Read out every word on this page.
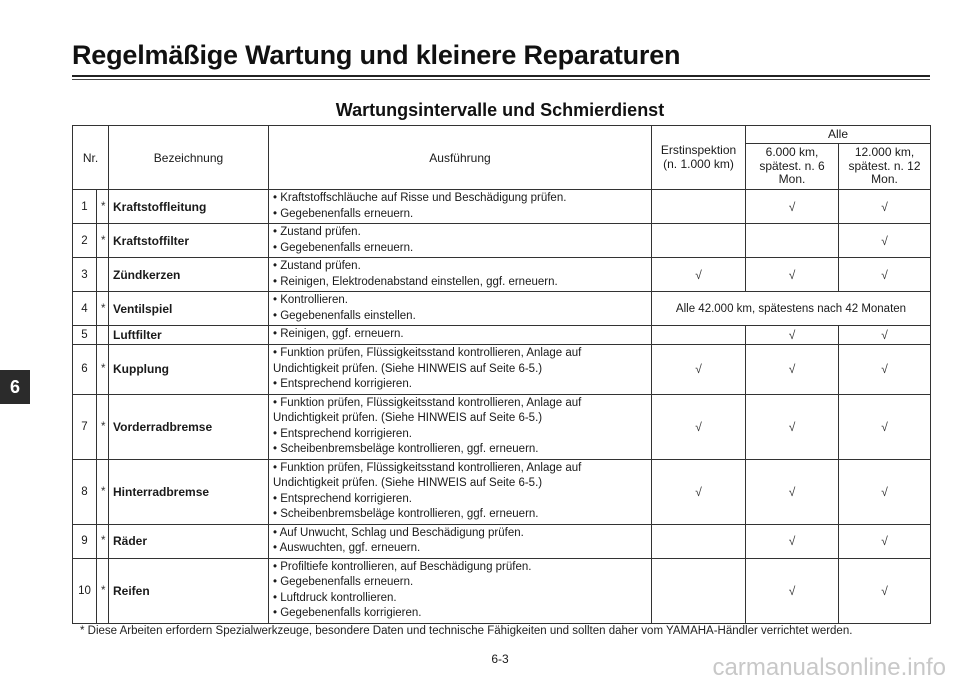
Regelmäßige Wartung und kleinere Reparaturen
Wartungsintervalle und Schmierdienst
6
Nr.		Bezeichnung	Ausführung	Erstinspektion (n. 1.000 km)	Alle	
					6.000 km, spätest. n. 6 Mon.	12.000 km, spätest. n. 12 Mon.
1	*	Kraftstoffleitung	• Kraftstoffschläuche auf Risse und Beschädigung prüfen.
• Gegebenenfalls erneuern.		√	√
2	*	Kraftstoffilter	• Zustand prüfen.
• Gegebenenfalls erneuern.			√
3		Zündkerzen	• Zustand prüfen.
• Reinigen, Elektrodenabstand einstellen, ggf. erneuern.	√	√	√
4	*	Ventilspiel	• Kontrollieren.
• Gegebenenfalls einstellen.	Alle 42.000 km, spätestens nach 42 Monaten		
5		Luftfilter	• Reinigen, ggf. erneuern.		√	√
6	*	Kupplung	• Funktion prüfen, Flüssigkeitsstand kontrollieren, Anlage auf
Undichtigkeit prüfen. (Siehe HINWEIS auf Seite 6-5.)
• Entsprechend korrigieren.	√	√	√
7	*	Vorderradbremse	• Funktion prüfen, Flüssigkeitsstand kontrollieren, Anlage auf
Undichtigkeit prüfen. (Siehe HINWEIS auf Seite 6-5.)
• Entsprechend korrigieren.
• Scheibenbremsbeläge kontrollieren, ggf. erneuern.	√	√	√
8	*	Hinterradbremse	• Funktion prüfen, Flüssigkeitsstand kontrollieren, Anlage auf
Undichtigkeit prüfen. (Siehe HINWEIS auf Seite 6-5.)
• Entsprechend korrigieren.
• Scheibenbremsbeläge kontrollieren, ggf. erneuern.	√	√	√
9	*	Räder	• Auf Unwucht, Schlag und Beschädigung prüfen.
• Auswuchten, ggf. erneuern.		√	√
10	*	Reifen	• Profiltiefe kontrollieren, auf Beschädigung prüfen.
• Gegebenenfalls erneuern.
• Luftdruck kontrollieren.
• Gegebenenfalls korrigieren.		√	√
* Diese Arbeiten erfordern Spezialwerkzeuge, besondere Daten und technische Fähigkeiten und sollten daher vom YAMAHA-Händler verrichtet werden.
6-3	carmanualsonline.info
